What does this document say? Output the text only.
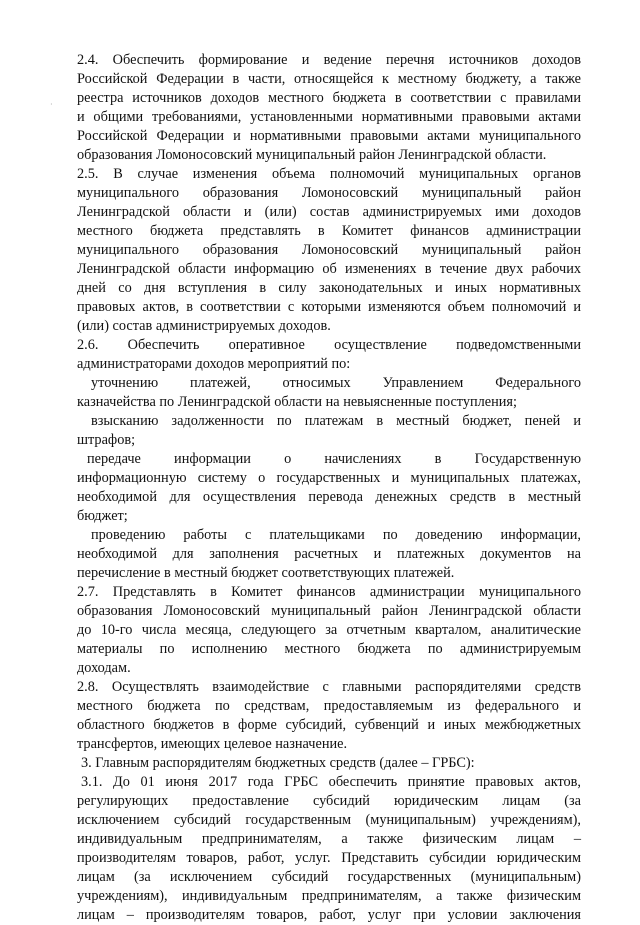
·
2.4. Обеспечить формирование и ведение перечня источников доходов
Российской Федерации в части, относящейся к местному бюджету, а также
реестра источников доходов местного бюджета в соответствии с правилами
и общими требованиями, установленными нормативными правовыми актами
Российской Федерации и нормативными правовыми актами муниципального
образования Ломоносовский муниципальный район Ленинградской области.
2.5. В случае изменения объема полномочий муниципальных органов
муниципального образования Ломоносовский муниципальный район
Ленинградской области и (или) состав администрируемых ими доходов
местного бюджета представлять в Комитет финансов администрации
муниципального образования Ломоносовский муниципальный район
Ленинградской области информацию об изменениях в течение двух рабочих
дней со дня вступления в силу законодательных и иных нормативных
правовых актов, в соответствии с которыми изменяются объем полномочий и
(или) состав администрируемых доходов.
2.6. Обеспечить оперативное осуществление подведомственными
администраторами доходов мероприятий по:
уточнению платежей, относимых Управлением Федерального
казначейства по Ленинградской области на невыясненные поступления;
взысканию задолженности по платежам в местный бюджет, пеней и
штрафов;
передаче информации о начислениях в Государственную
информационную систему о государственных и муниципальных платежах,
необходимой для осуществления перевода денежных средств в местный
бюджет;
проведению работы с плательщиками по доведению информации,
необходимой для заполнения расчетных и платежных документов на
перечисление в местный бюджет соответствующих платежей.
2.7. Представлять в Комитет финансов администрации муниципального
образования Ломоносовский муниципальный район Ленинградской области
до 10-го числа месяца, следующего за отчетным кварталом, аналитические
материалы по исполнению местного бюджета по администрируемым
доходам.
2.8. Осуществлять взаимодействие с главными распорядителями средств
местного бюджета по средствам, предоставляемым из федерального и
областного бюджетов в форме субсидий, субвенций и иных межбюджетных
трансфертов, имеющих целевое назначение.
3. Главным распорядителям бюджетных средств (далее – ГРБС):
3.1. До 01 июня 2017 года ГРБС обеспечить принятие правовых актов,
регулирующих предоставление субсидий юридическим лицам (за
исключением субсидий государственным (муниципальным) учреждениям),
индивидуальным предпринимателям, а также физическим лицам –
производителям товаров, работ, услуг. Представить субсидии юридическим
лицам (за исключением субсидий государственных (муниципальным)
учреждениям), индивидуальным предпринимателям, а также физическим
лицам – производителям товаров, работ, услуг при условии заключения
